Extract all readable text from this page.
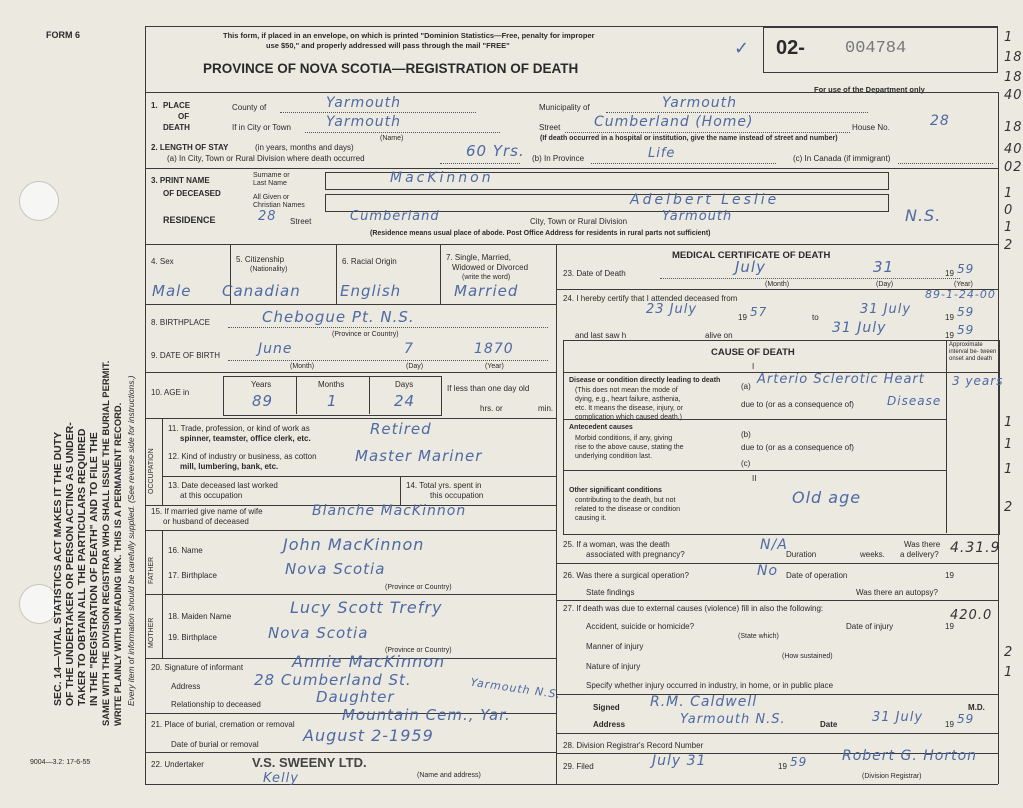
FORM 6
9004—3.2: 17-6-55
SEC. 14—VITAL STATISTICS ACT MAKES IT THE DUTY OF THE UNDERTAKER OR PERSON ACTING AS UNDER- TAKER TO OBTAIN ALL THE PARTICULARS REQUIRED IN THE "REGISTRATION OF DEATH" AND TO FILE THE SAME WITH THE DIVISION REGISTRAR WHO SHALL ISSUE THE BURIAL PERMIT. WRITE PLAINLY WITH UNFADING INK. THIS IS A PERMANENT RECORD. Every item of information should be carefully supplied. (See reverse side for instructions.)
This form, if placed in an envelope, on which is printed "Dominion Statistics—Free, penalty for improper
use $50," and properly addressed will pass through the mail "FREE"
PROVINCE OF NOVA SCOTIA—REGISTRATION OF DEATH
02- 004784
For use of the Department only
✓
1. PLACE
OF
DEATH
County of	Yarmouth	Municipality of	Yarmouth
If in City or Town	Yarmouth	Street Cumberland (Home)	House No.	28
(Name)	(If death occurred in a hospital or institution, give the name instead of street and number)
2. LENGTH OF STAY	(in years, months and days)
(a) In City, Town or Rural Division where death occurred	60 Yrs. (b) In Province	Life	(c) In Canada (if immigrant)
3. PRINT NAME
OF DECEASED
Surname or
Last Name
All Given or
Christian Names
MacKinnon
Adelbert Leslie
RESIDENCE	28 Street	Cumberland	City, Town or Rural Division	Yarmouth	N.S.
(Residence means usual place of abode. Post Office Address for residents in rural parts not sufficient)
4. Sex	5. Citizenship
(Nationality)
6. Racial Origin	7. Single, Married,
Widowed or Divorced
(write the word)
Male Canadian	English	Married
8. BIRTHPLACE	Chebogue Pt. N.S.
(Province or Country)
9. DATE OF BIRTH	June	7	1870
(Month)	(Day)	(Year)
10. AGE in
Years	Months	Days
89	1	24
If less than one day old
hrs. or	min.
OCCUPATION
11. Trade, profession, or kind of work as
spinner, teamster, office clerk, etc.
Retired
12. Kind of industry or business, as cotton
mill, lumbering, bank, etc.
Master Mariner
13. Date deceased last worked
at this occupation
14. Total yrs. spent in
this occupation
15. If married give name of wife
or husband of deceased
Blanche MacKinnon
FATHER
MOTHER
16. Name	John MacKinnon
17. Birthplace	Nova Scotia
(Province or Country)
18. Maiden Name	Lucy Scott Trefry
19. Birthplace	Nova Scotia
(Province or Country)
20. Signature of informant	Annie MacKinnon
Address	28 Cumberland St.
Relationship to deceased	Daughter	Yarmouth N.S.
21. Place of burial, cremation or removal
Mountain Cem., Yar.
Date of burial or removal	August 2-1959
22. Undertaker	V.S. SWEENY LTD.
Kelly	(Name and address)
MEDICAL CERTIFICATE OF DEATH
23. Date of Death	July	31	19 59
(Month)	(Day)	(Year)
24. I hereby certify that I attended deceased from	89-1-24-00
23 July
19 57	to
31 July
19 59
and last saw h	alive on	31 July	19 59
CAUSE OF DEATH
I
Approximate interval be- tween onset and death
Disease or condition directly leading to death
(This does not mean the mode of
dying, e.g., heart failure, asthenia,
etc. It means the disease, injury, or
complication which caused death.)
(a) Arterio Sclerotic Heart 3 years
due to (or as a consequence of)	Disease
Antecedent causes
Morbid conditions, if any, giving
rise to the above cause, stating the
underlying condition last.
(b)
due to (or as a consequence of)
(c)
II
Other significant conditions
contributing to the death, but not
related to the disease or condition
causing it.
Old age
25. If a woman, was the death
associated with pregnancy?
N/A
Duration	weeks.
Was there
a delivery? 4.31.9
26. Was there a surgical operation?	No Date of operation	19
State findings	Was there an autopsy?
27. If death was due to external causes (violence) fill in also the following:	420.0
Accident, suicide or homicide?
(State which)
Date of injury	19
Manner of injury
(How sustained)
Nature of injury
Specify whether injury occurred in industry, in home, or in public place
Signed R.M. Caldwell
Address	Yarmouth N.S.	Date	31 July	19 59
M.D.
28. Division Registrar's Record Number
29. Filed	July 31	19 59 Robert G. Horton
(Division Registrar)
1
18
18
40
18
40
02
1
0
1
2
1
1
1
2
2
1
